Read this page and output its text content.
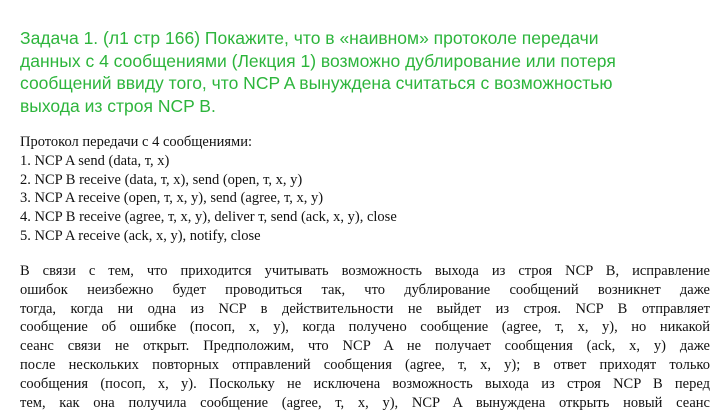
Задача 1. (л1 стр 166) Покажите, что в «наивном» протоколе передачи
данных с 4 сообщениями (Лекция 1) возможно дублирование или потеря
сообщений ввиду того, что NCP A вынуждена считаться с возможностью
выхода из строя NCP B.
Протокол передачи с 4 сообщениями:
1. NCP A send (data, т, x)
2. NCP B receive (data, т, x), send (open, т, x, y)
3. NCP A receive (open, т, x, y), send (agree, т, x, y)
4. NCP B receive (agree, т, x, y), deliver т, send (ack, x, y), close
5. NCP A receive (ack, x, y), notify, close
В связи с тем, что приходится учитывать возможность выхода из строя NCP B, исправление
ошибок неизбежно будет проводиться так, что дублирование сообщений возникнет даже
тогда, когда ни одна из NCP в действительности не выйдет из строя. NCP B отправляет
сообщение об ошибке (посоп, x, y), когда получено сообщение (agree, т, x, y), но никакой
сеанс связи не открыт. Предположим, что NCP A не получает сообщения (ack, x, y) даже
после нескольких повторных отправлений сообщения (agree, т, x, y); в ответ приходят только
сообщения (посоп, x, y). Поскольку не исключена возможность выхода из строя NCP B перед
тем, как она получила сообщение (agree, т, x, y), NCP A вынуждена открыть новый сеанс
